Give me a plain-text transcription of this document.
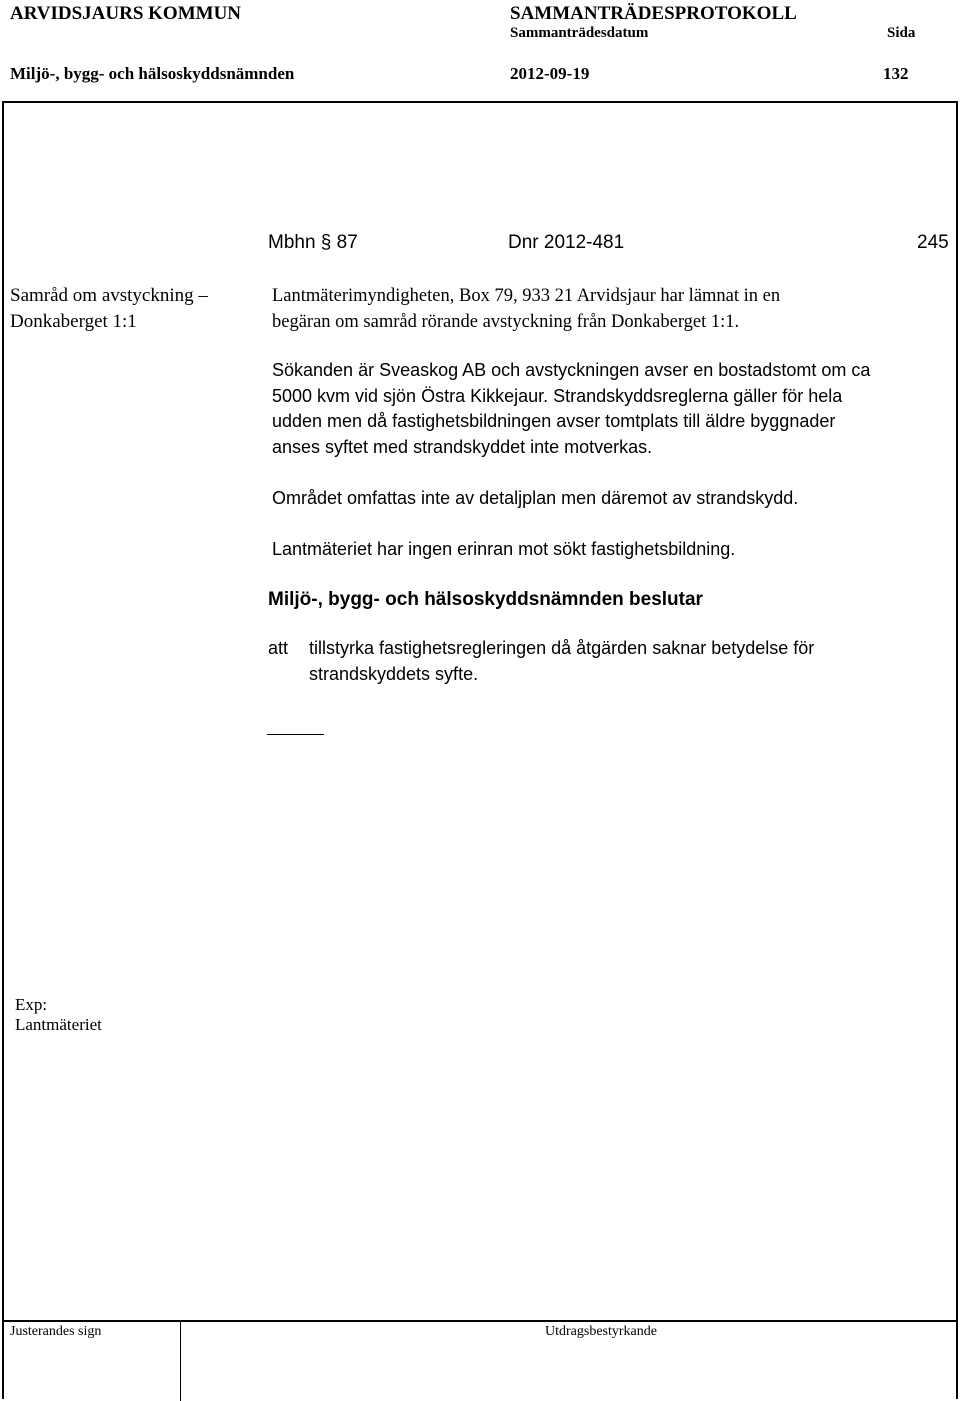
ARVIDSJAURS KOMMUN	SAMMANTRÄDESPROTOKOLL
Sammanträdesdatum	Sida
Miljö-, bygg- och hälsoskyddsnämnden	2012-09-19	132
Mbhn § 87	Dnr 2012-481	245
Samråd om avstyckning –
Donkaberget 1:1
Lantmäterimyndigheten, Box 79, 933 21 Arvidsjaur har lämnat in en
begäran om samråd rörande avstyckning från Donkaberget 1:1.
Sökanden är Sveaskog AB och avstyckningen avser en bostadstomt om ca
5000 kvm vid sjön Östra Kikkejaur. Strandskyddsreglerna gäller för hela
udden men då fastighetsbildningen avser tomtplats till äldre byggnader
anses syftet med strandskyddet inte motverkas.
Området omfattas inte av detaljplan men däremot av strandskydd.
Lantmäteriet har ingen erinran mot sökt fastighetsbildning.
Miljö-, bygg- och hälsoskyddsnämnden beslutar
att tillstyrka fastighetsregleringen då åtgärden saknar betydelse för
strandskyddets syfte.
Exp:
Lantmäteriet
Justerandes sign	Utdragsbestyrkande
